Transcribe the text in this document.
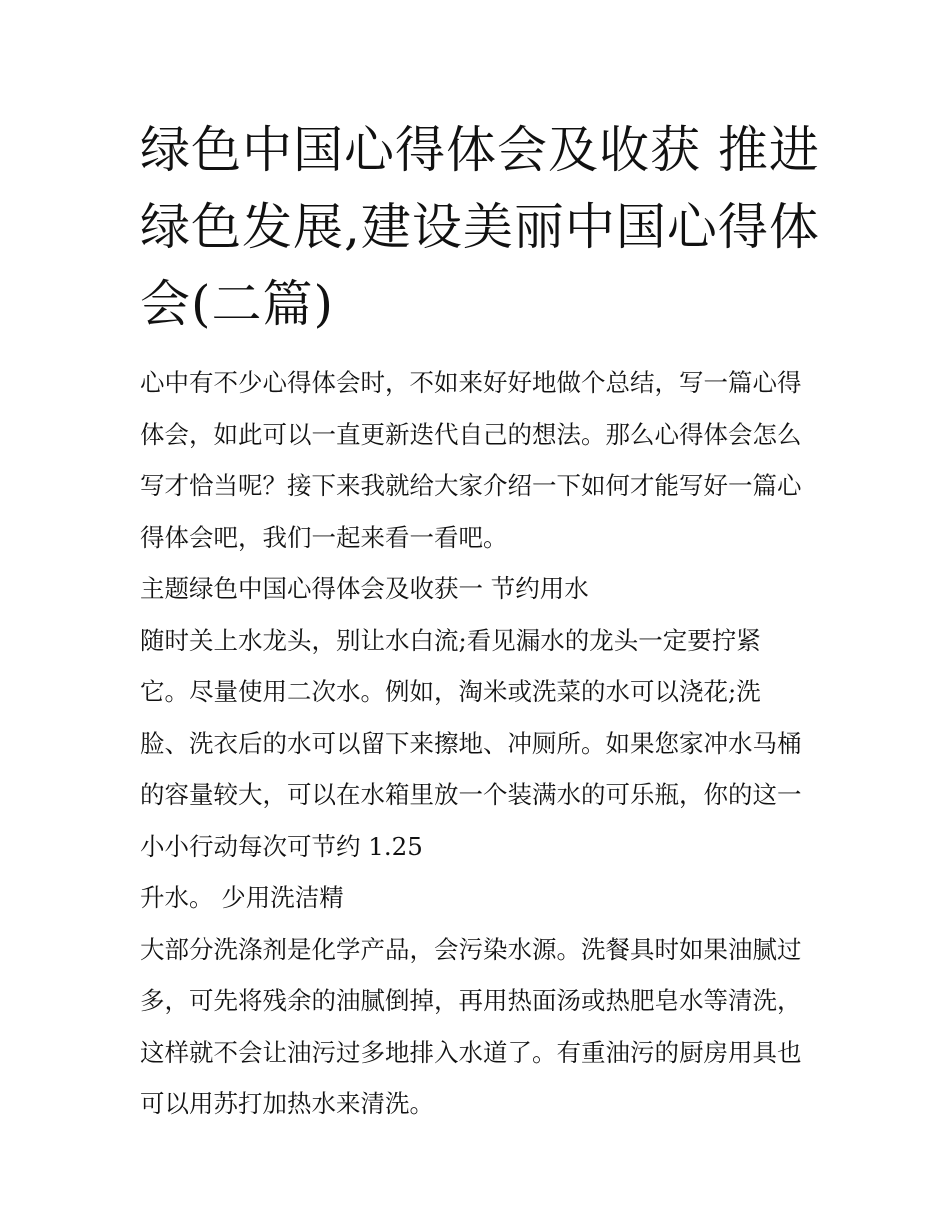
绿色中国心得体会及收获 推进
绿色发展,建设美丽中国心得体
会(二篇)

心中有不少心得体会时，不如来好好地做个总结，写一篇心得

体会，如此可以一直更新迭代自己的想法。那么心得体会怎么

写才恰当呢？接下来我就给大家介绍一下如何才能写好一篇心

得体会吧，我们一起来看一看吧。

主题绿色中国心得体会及收获一 节约用水

随时关上水龙头，别让水白流;看见漏水的龙头一定要拧紧

它。尽量使用二次水。例如，淘米或洗菜的水可以浇花;洗

脸、洗衣后的水可以留下来擦地、冲厕所。如果您家冲水马桶

的容量较大，可以在水箱里放一个装满水的可乐瓶，你的这一

小小行动每次可节约 1.25

升水。 少用洗洁精

大部分洗涤剂是化学产品，会污染水源。洗餐具时如果油腻过

多，可先将残余的油腻倒掉，再用热面汤或热肥皂水等清洗，

这样就不会让油污过多地排入水道了。有重油污的厨房用具也

可以用苏打加热水来清洗。
